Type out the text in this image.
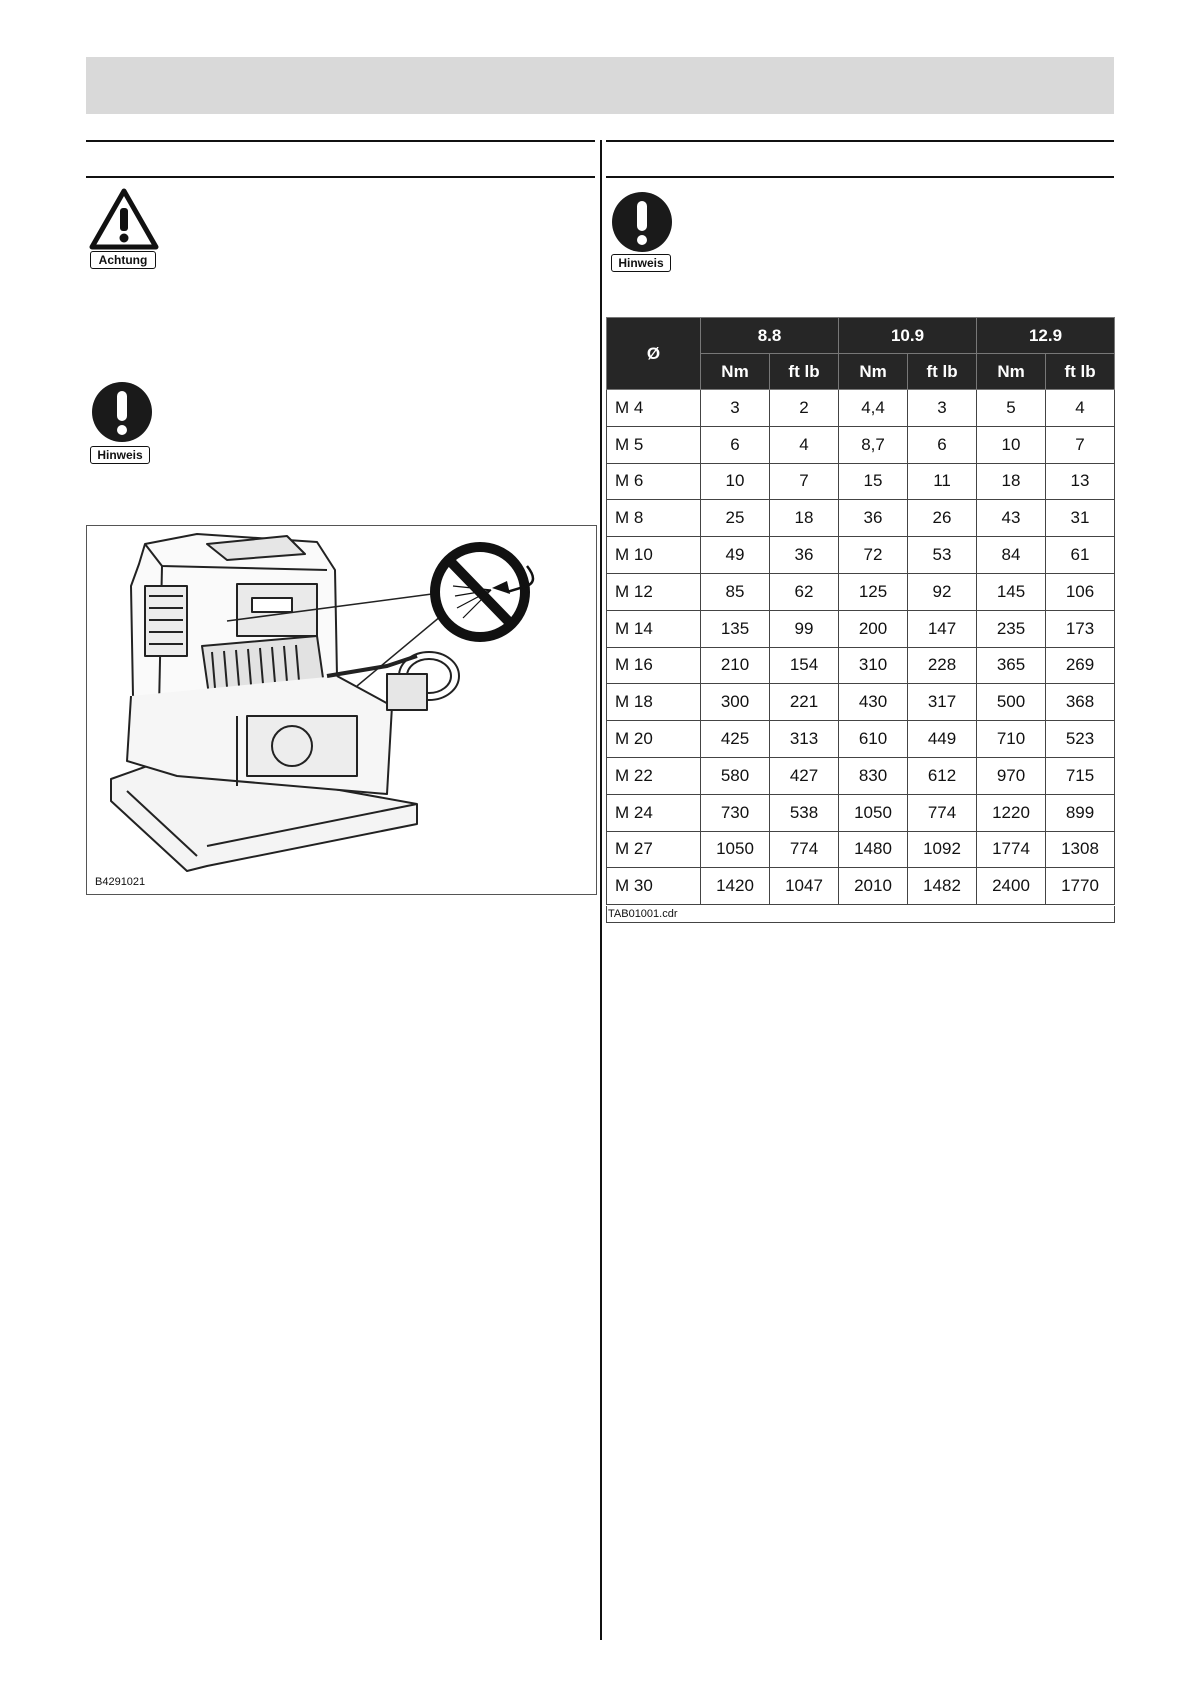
Achtung
Hinweis
B4291021
Hinweis
Ø	8.8		10.9		12.9	
	Nm	ft lb	Nm	ft lb	Nm	ft lb
M 4	3	2	4,4	3	5	4
M 5	6	4	8,7	6	10	7
M 6	10	7	15	11	18	13
M 8	25	18	36	26	43	31
M 10	49	36	72	53	84	61
M 12	85	62	125	92	145	106
M 14	135	99	200	147	235	173
M 16	210	154	310	228	365	269
M 18	300	221	430	317	500	368
M 20	425	313	610	449	710	523
M 22	580	427	830	612	970	715
M 24	730	538	1050	774	1220	899
M 27	1050	774	1480	1092	1774	1308
M 30	1420	1047	2010	1482	2400	1770
TAB01001.cdr
